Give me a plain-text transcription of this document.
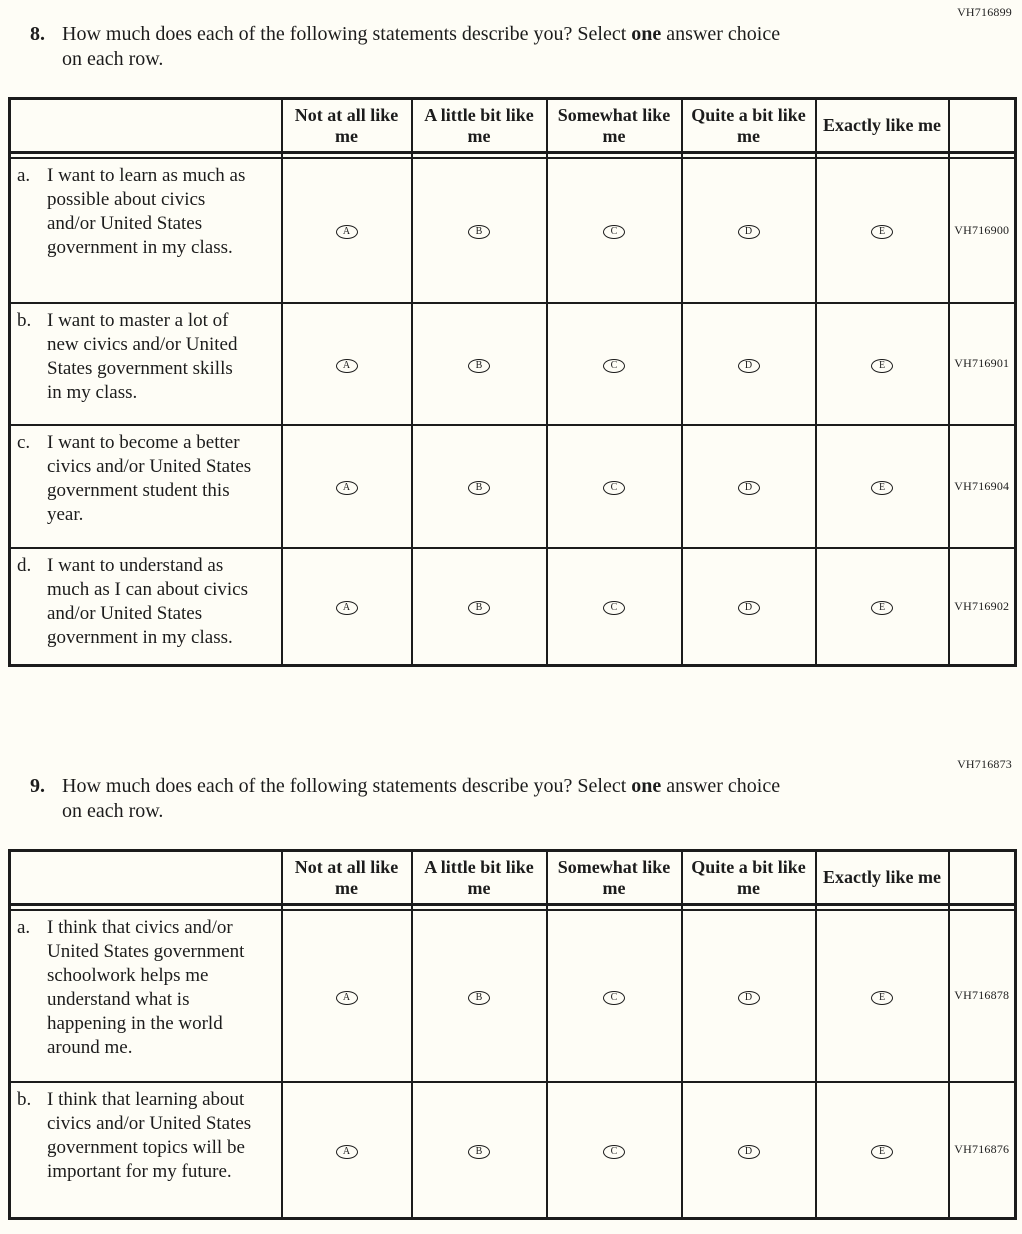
VH716899
8. How much does each of the following statements describe you? Select one answer choice on each row.
	Not at all like me	A little bit like me	Somewhat like me	Quite a bit like me	Exactly like me	

a. I want to learn as much as possible about civics and/or United States government in my class.	A	B	C	D	E	VH716900

b. I want to master a lot of new civics and/or United States government skills in my class.	A	B	C	D	E	VH716901

c. I want to become a better civics and/or United States government student this year.	A	B	C	D	E	VH716904

d. I want to understand as much as I can about civics and/or United States government in my class.	A	B	C	D	E	VH716902
VH716873
9. How much does each of the following statements describe you? Select one answer choice on each row.
	Not at all like me	A little bit like me	Somewhat like me	Quite a bit like me	Exactly like me	

a. I think that civics and/or United States government schoolwork helps me understand what is happening in the world around me.	A	B	C	D	E	VH716878

b. I think that learning about civics and/or United States government topics will be important for my future.	A	B	C	D	E	VH716876
